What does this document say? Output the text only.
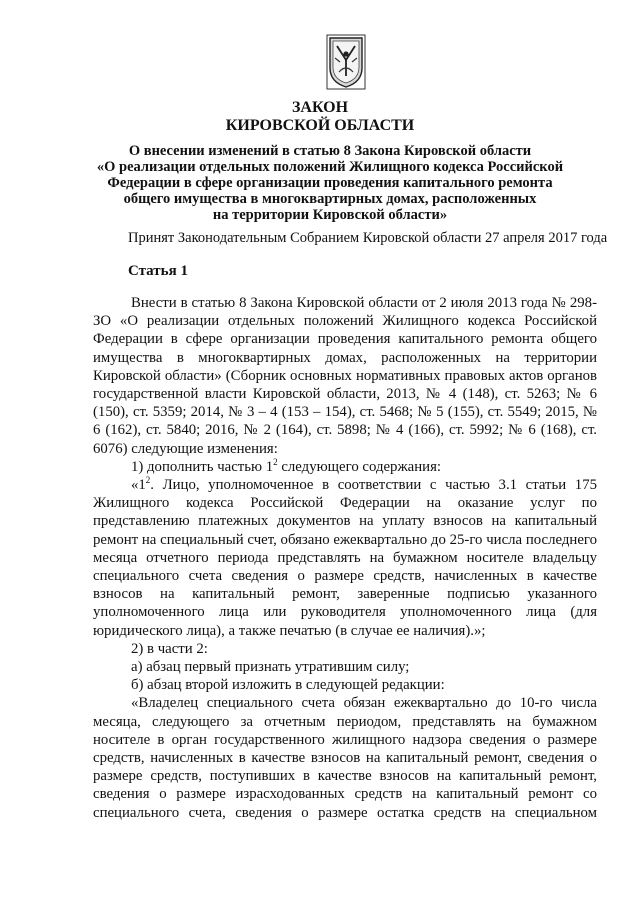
ЗАКОН
КИРОВСКОЙ ОБЛАСТИ
О внесении изменений в статью 8 Закона Кировской области
«О реализации отдельных положений Жилищного кодекса Российской
Федерации в сфере организации проведения капитального ремонта
общего имущества в многоквартирных домах, расположенных
на территории Кировской области»
Принят Законодательным Собранием Кировской области 27 апреля 2017 года
Статья 1

Внести в статью 8 Закона Кировской области от 2 июля 2013 года № 298-ЗО «О реализации отдельных положений Жилищного кодекса Российской Федерации в сфере организации проведения капитального ремонта общего имущества в многоквартирных домах, расположенных на территории Кировской области» (Сборник основных нормативных правовых актов органов государственной власти Кировской области, 2013, № 4 (148), ст. 5263; № 6 (150), ст. 5359; 2014, № 3 – 4 (153 – 154), ст. 5468; № 5 (155), ст. 5549; 2015, № 6 (162), ст. 5840; 2016, № 2 (164), ст. 5898; № 4 (166), ст. 5992; № 6 (168), ст. 6076) следующие изменения:

1) дополнить частью $1^2$ следующего содержания:

«$1^2$. Лицо, уполномоченное в соответствии с частью 3.1 статьи 175 Жилищного кодекса Российской Федерации на оказание услуг по представлению платежных документов на уплату взносов на капитальный ремонт на специальный счет, обязано ежеквартально до 25-го числа последнего месяца отчетного периода представлять на бумажном носителе владельцу специального счета сведения о размере средств, начисленных в качестве взносов на капитальный ремонт, заверенные подписью указанного уполномоченного лица или руководителя уполномоченного лица (для юридического лица), а также печатью (в случае ее наличия).»;

2) в части 2:

а) абзац первый признать утратившим силу;

б) абзац второй изложить в следующей редакции:

«Владелец специального счета обязан ежеквартально до 10-го числа месяца, следующего за отчетным периодом, представлять на бумажном носителе в орган государственного жилищного надзора сведения о размере средств, начисленных в качестве взносов на капитальный ремонт, сведения о размере средств, поступивших в качестве взносов на капитальный ремонт, сведения о размере израсходованных средств на капитальный ремонт со специального счета, сведения о размере остатка средств на специальном
